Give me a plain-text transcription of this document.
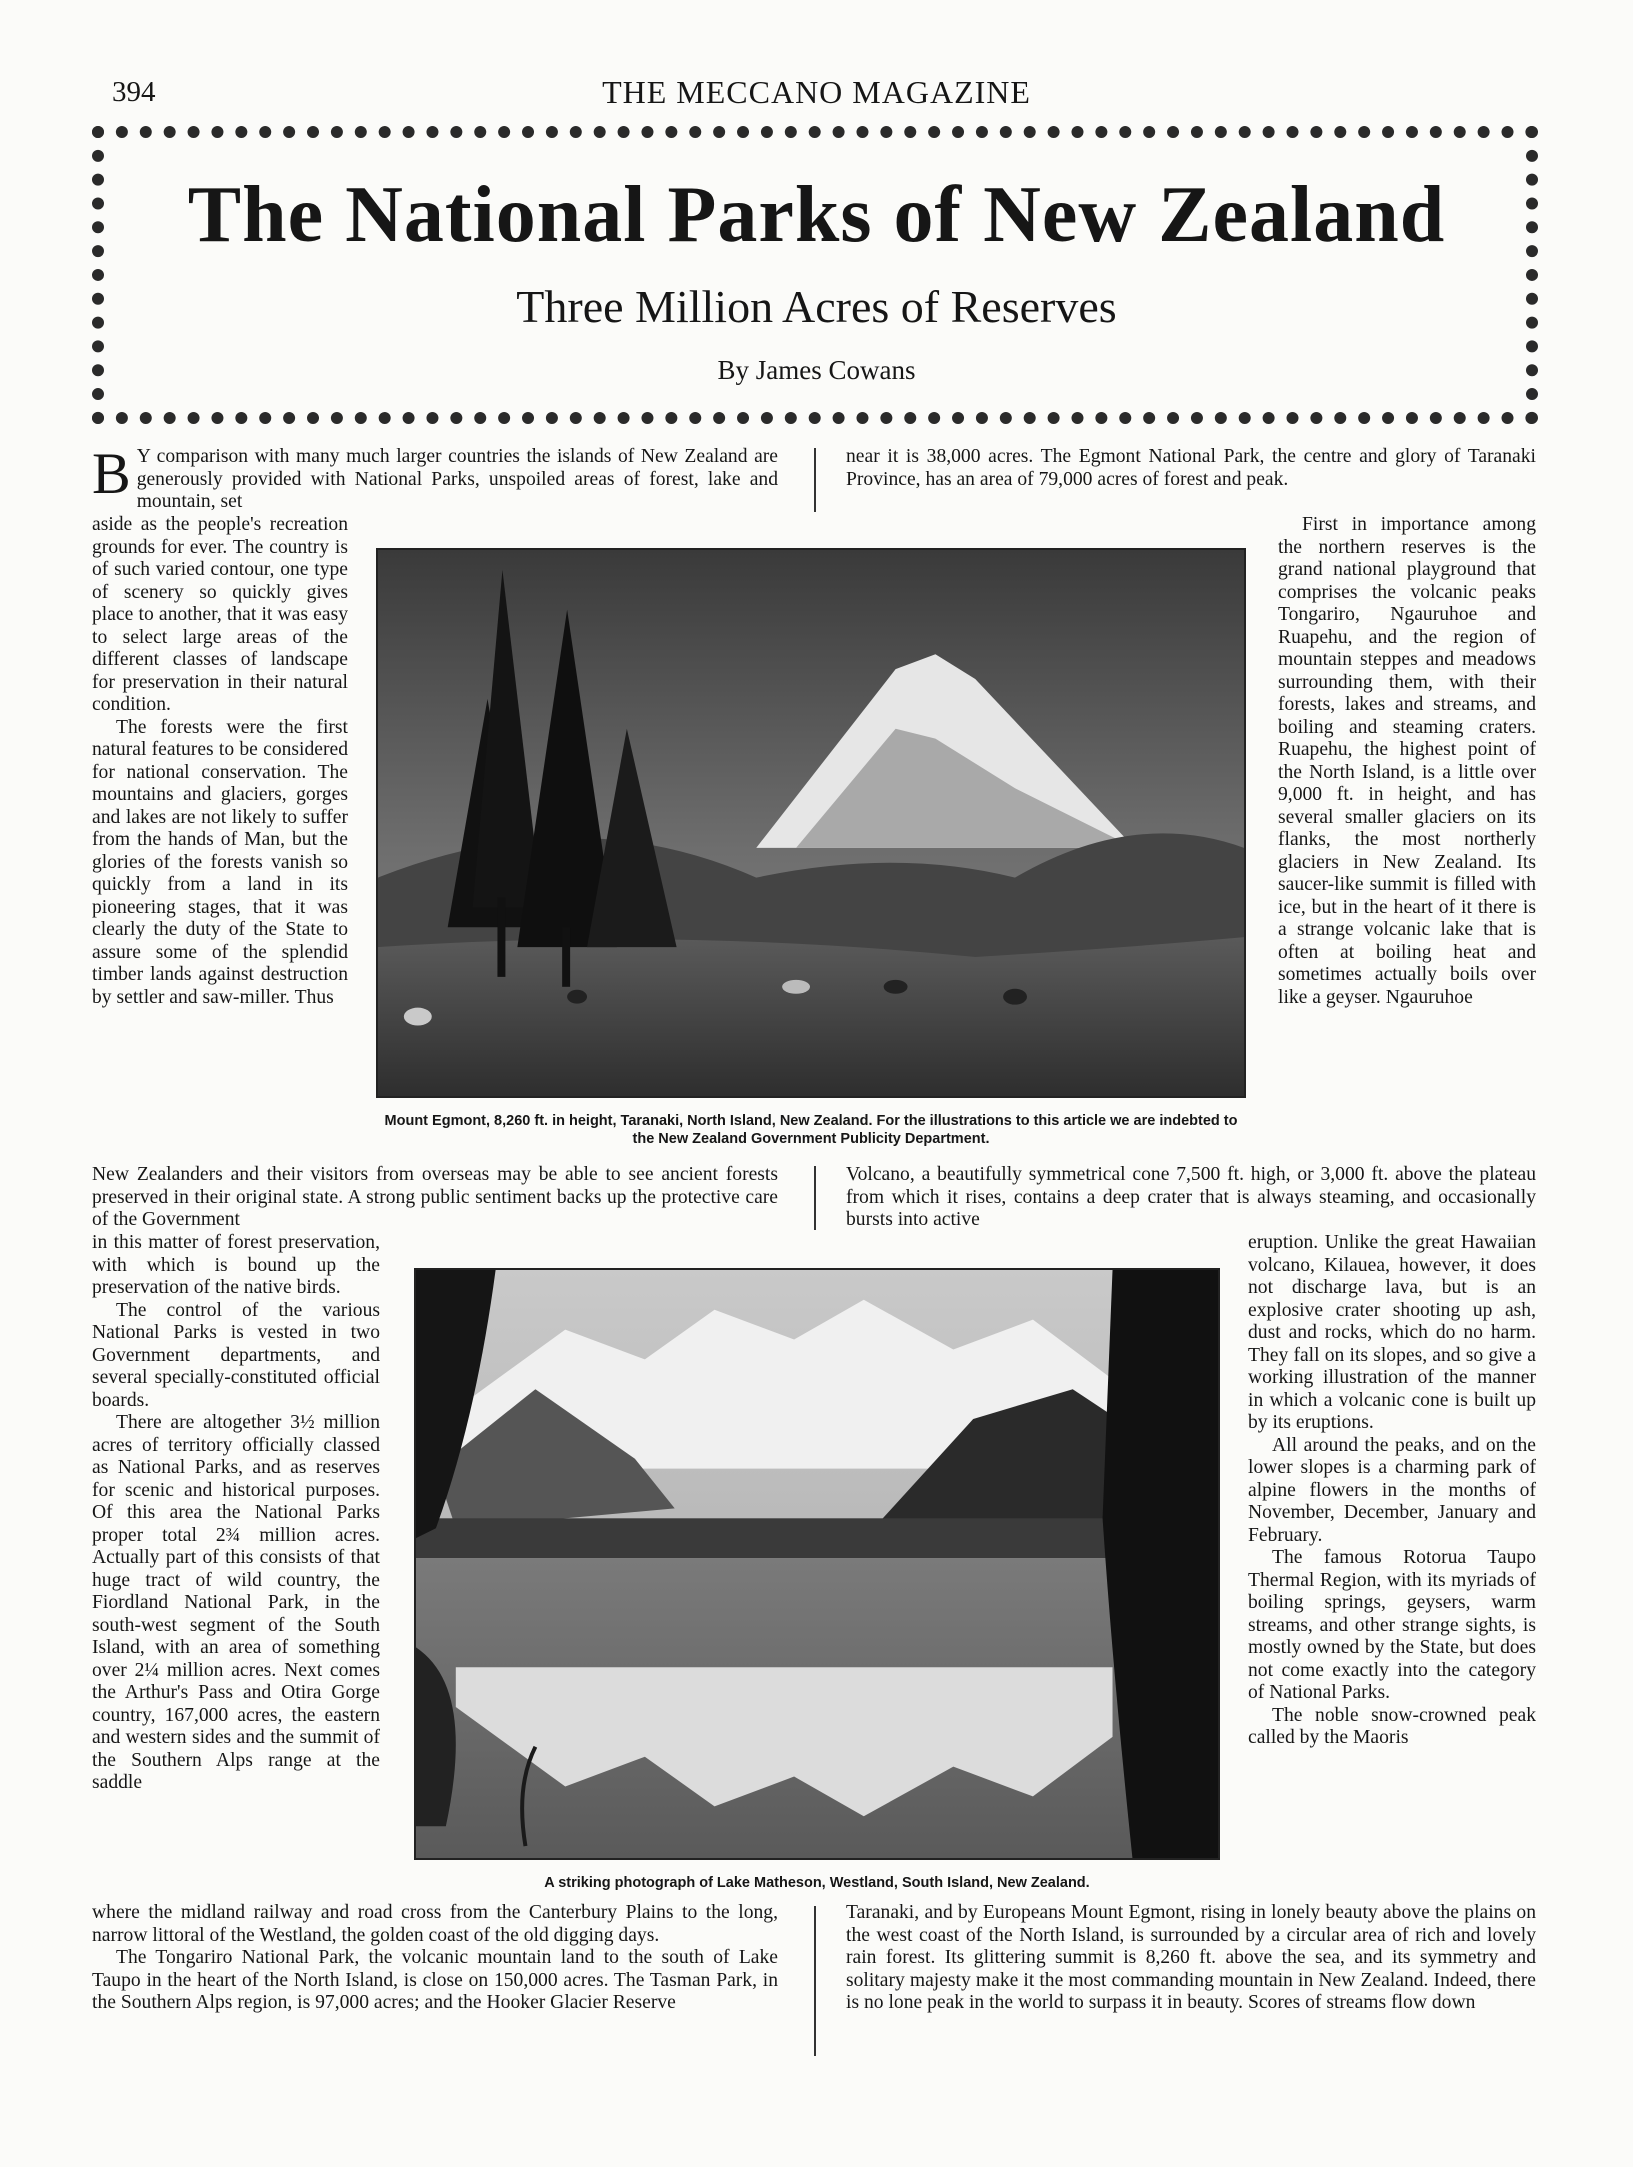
394	THE MECCANO MAGAZINE
The National Parks of New Zealand
Three Million Acres of Reserves
By James Cowans

B Y comparison with many much larger countries the islands of New Zealand are generously provided with National Parks, unspoiled areas of forest, lake and mountain, set

near it is 38,000 acres. The Egmont National Park, the centre and glory of Taranaki Province, has an area of 79,000 acres of forest and peak.

aside as the people's recreation grounds for ever. The country is of such varied contour, one type of scenery so quickly gives place to another, that it was easy to select large areas of the different classes of landscape for preservation in their natural condition.

The forests were the first natural features to be considered for national conservation. The mountains and glaciers, gorges and lakes are not likely to suffer from the hands of Man, but the glories of the forests vanish so quickly from a land in its pioneering stages, that it was clearly the duty of the State to assure some of the splendid timber lands against destruction by settler and saw-miller. Thus

Mount Egmont, 8,260 ft. in height, Taranaki, North Island, New Zealand. For the illustrations to this article we are indebted to the New Zealand Government Publicity Department.

First in importance among the northern reserves is the grand national playground that comprises the volcanic peaks Tongariro, Ngauruhoe and Ruapehu, and the region of mountain steppes and meadows surrounding them, with their forests, lakes and streams, and boiling and steaming craters. Ruapehu, the highest point of the North Island, is a little over 9,000 ft. in height, and has several smaller glaciers on its flanks, the most northerly glaciers in New Zealand. Its saucer-like summit is filled with ice, but in the heart of it there is a strange volcanic lake that is often at boiling heat and sometimes actually boils over like a geyser. Ngauruhoe

New Zealanders and their visitors from overseas may be able to see ancient forests preserved in their original state. A strong public sentiment backs up the protective care of the Government

Volcano, a beautifully symmetrical cone 7,500 ft. high, or 3,000 ft. above the plateau from which it rises, contains a deep crater that is always steaming, and occasionally bursts into active

in this matter of forest preservation, with which is bound up the preservation of the native birds.

The control of the various National Parks is vested in two Government departments, and several specially-constituted official boards.

There are altogether 3½ million acres of territory officially classed as National Parks, and as reserves for scenic and historical purposes. Of this area the National Parks proper total 2¾ million acres. Actually part of this consists of that huge tract of wild country, the Fiordland National Park, in the south-west segment of the South Island, with an area of something over 2¼ million acres. Next comes the Arthur's Pass and Otira Gorge country, 167,000 acres, the eastern and western sides and the summit of the Southern Alps range at the saddle

A striking photograph of Lake Matheson, Westland, South Island, New Zealand.

eruption. Unlike the great Hawaiian volcano, Kilauea, however, it does not discharge lava, but is an explosive crater shooting up ash, dust and rocks, which do no harm. They fall on its slopes, and so give a working illustration of the manner in which a volcanic cone is built up by its eruptions.

All around the peaks, and on the lower slopes is a charming park of alpine flowers in the months of November, December, January and February.

The famous Rotorua Taupo Thermal Region, with its myriads of boiling springs, geysers, warm streams, and other strange sights, is mostly owned by the State, but does not come exactly into the category of National Parks.

The noble snow-crowned peak called by the Maoris

where the midland railway and road cross from the Canterbury Plains to the long, narrow littoral of the Westland, the golden coast of the old digging days.

The Tongariro National Park, the volcanic mountain land to the south of Lake Taupo in the heart of the North Island, is close on 150,000 acres. The Tasman Park, in the Southern Alps region, is 97,000 acres; and the Hooker Glacier Reserve

Taranaki, and by Europeans Mount Egmont, rising in lonely beauty above the plains on the west coast of the North Island, is surrounded by a circular area of rich and lovely rain forest. Its glittering summit is 8,260 ft. above the sea, and its symmetry and solitary majesty make it the most commanding mountain in New Zealand. Indeed, there is no lone peak in the world to surpass it in beauty. Scores of streams flow down
